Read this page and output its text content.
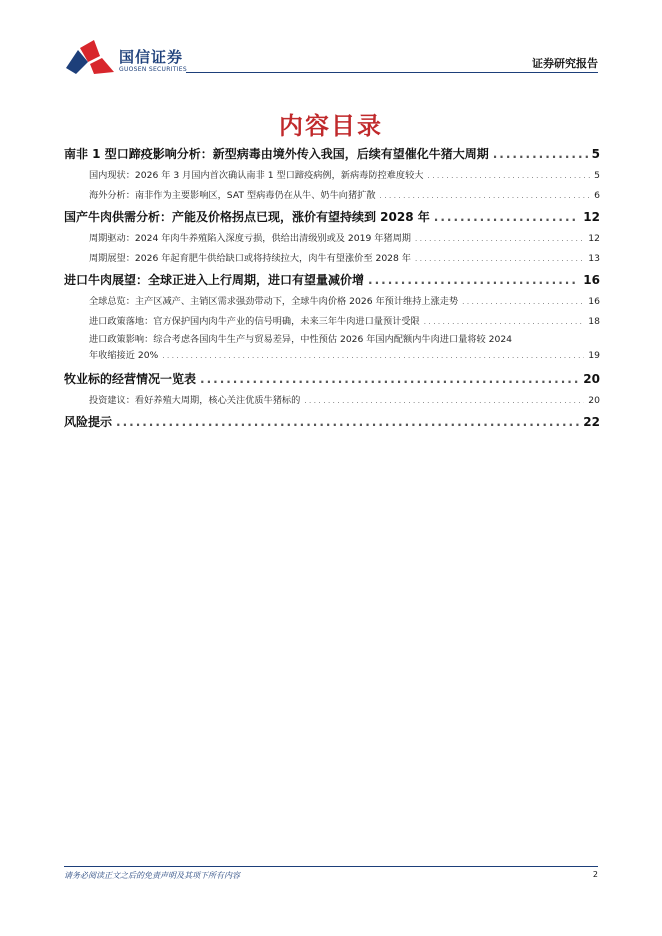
国信证券
GUOSEN SECURITIES	证券研究报告
内容目录
南非 1 型口蹄疫影响分析：新型病毒由境外传入我国，后续有望催化牛猪大周期 .....	5
国内现状：2026 年 3 月国内首次确认南非 1 型口蹄疫病例，新病毒防控难度较大 .....	5
海外分析：南非作为主要影响区，SAT 型病毒仍在从牛、奶牛向猪扩散 .....	6
国产牛肉供需分析：产能及价格拐点已现，涨价有望持续到 2028 年 .....	12
周期驱动：2024 年肉牛养殖陷入深度亏损，供给出清级别或及 2019 年猪周期 .....	12
周期展望：2026 年起育肥牛供给缺口或将持续拉大，肉牛有望涨价至 2028 年 .....	13
进口牛肉展望：全球正进入上行周期，进口有望量减价增 .....	16
全球总览：主产区减产、主销区需求强劲带动下，全球牛肉价格 2026 年预计维持上涨走势 .....	16
进口政策落地：官方保护国内肉牛产业的信号明确，未来三年牛肉进口量预计受限 .....	18
进口政策影响：综合考虑各国肉牛生产与贸易差异，中性预估 2026 年国内配额内牛肉进口量将较 2024
年收缩接近 20% .....	19
牧业标的经营情况一览表 .....	20
投资建议：看好养殖大周期，核心关注优质牛猪标的 .....	20
风险提示 .....	22
请务必阅读正文之后的免责声明及其项下所有内容	2
